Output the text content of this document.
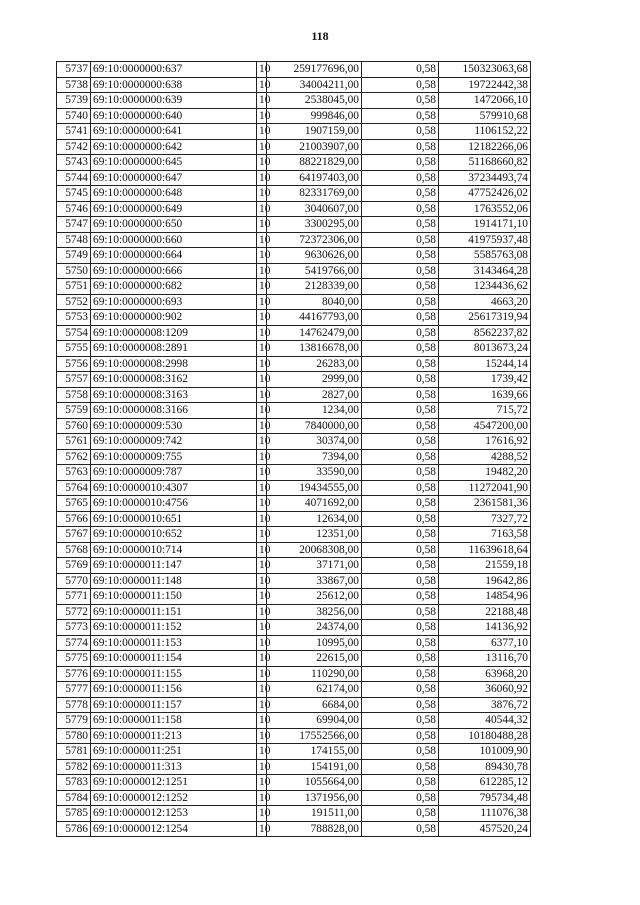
118
5737	69:10:0000000:637	10	259177696,00	0,58	150323063,68
5738	69:10:0000000:638	10	34004211,00	0,58	19722442,38
5739	69:10:0000000:639	10	2538045,00	0,58	1472066,10
5740	69:10:0000000:640	10	999846,00	0,58	579910,68
5741	69:10:0000000:641	10	1907159,00	0,58	1106152,22
5742	69:10:0000000:642	10	21003907,00	0,58	12182266,06
5743	69:10:0000000:645	10	88221829,00	0,58	51168660,82
5744	69:10:0000000:647	10	64197403,00	0,58	37234493,74
5745	69:10:0000000:648	10	82331769,00	0,58	47752426,02
5746	69:10:0000000:649	10	3040607,00	0,58	1763552,06
5747	69:10:0000000:650	10	3300295,00	0,58	1914171,10
5748	69:10:0000000:660	10	72372306,00	0,58	41975937,48
5749	69:10:0000000:664	10	9630626,00	0,58	5585763,08
5750	69:10:0000000:666	10	5419766,00	0,58	3143464,28
5751	69:10:0000000:682	10	2128339,00	0,58	1234436,62
5752	69:10:0000000:693	10	8040,00	0,58	4663,20
5753	69:10:0000000:902	10	44167793,00	0,58	25617319,94
5754	69:10:0000008:1209	10	14762479,00	0,58	8562237,82
5755	69:10:0000008:2891	10	13816678,00	0,58	8013673,24
5756	69:10:0000008:2998	10	26283,00	0,58	15244,14
5757	69:10:0000008:3162	10	2999,00	0,58	1739,42
5758	69:10:0000008:3163	10	2827,00	0,58	1639,66
5759	69:10:0000008:3166	10	1234,00	0,58	715,72
5760	69:10:0000009:530	10	7840000,00	0,58	4547200,00
5761	69:10:0000009:742	10	30374,00	0,58	17616,92
5762	69:10:0000009:755	10	7394,00	0,58	4288,52
5763	69:10:0000009:787	10	33590,00	0,58	19482,20
5764	69:10:0000010:4307	10	19434555,00	0,58	11272041,90
5765	69:10:0000010:4756	10	4071692,00	0,58	2361581,36
5766	69:10:0000010:651	10	12634,00	0,58	7327,72
5767	69:10:0000010:652	10	12351,00	0,58	7163,58
5768	69:10:0000010:714	10	20068308,00	0,58	11639618,64
5769	69:10:0000011:147	10	37171,00	0,58	21559,18
5770	69:10:0000011:148	10	33867,00	0,58	19642,86
5771	69:10:0000011:150	10	25612,00	0,58	14854,96
5772	69:10:0000011:151	10	38256,00	0,58	22188,48
5773	69:10:0000011:152	10	24374,00	0,58	14136,92
5774	69:10:0000011:153	10	10995,00	0,58	6377,10
5775	69:10:0000011:154	10	22615,00	0,58	13116,70
5776	69:10:0000011:155	10	110290,00	0,58	63968,20
5777	69:10:0000011:156	10	62174,00	0,58	36060,92
5778	69:10:0000011:157	10	6684,00	0,58	3876,72
5779	69:10:0000011:158	10	69904,00	0,58	40544,32
5780	69:10:0000011:213	10	17552566,00	0,58	10180488,28
5781	69:10:0000011:251	10	174155,00	0,58	101009,90
5782	69:10:0000011:313	10	154191,00	0,58	89430,78
5783	69:10:0000012:1251	10	1055664,00	0,58	612285,12
5784	69:10:0000012:1252	10	1371956,00	0,58	795734,48
5785	69:10:0000012:1253	10	191511,00	0,58	111076,38
5786	69:10:0000012:1254	10	788828,00	0,58	457520,24
